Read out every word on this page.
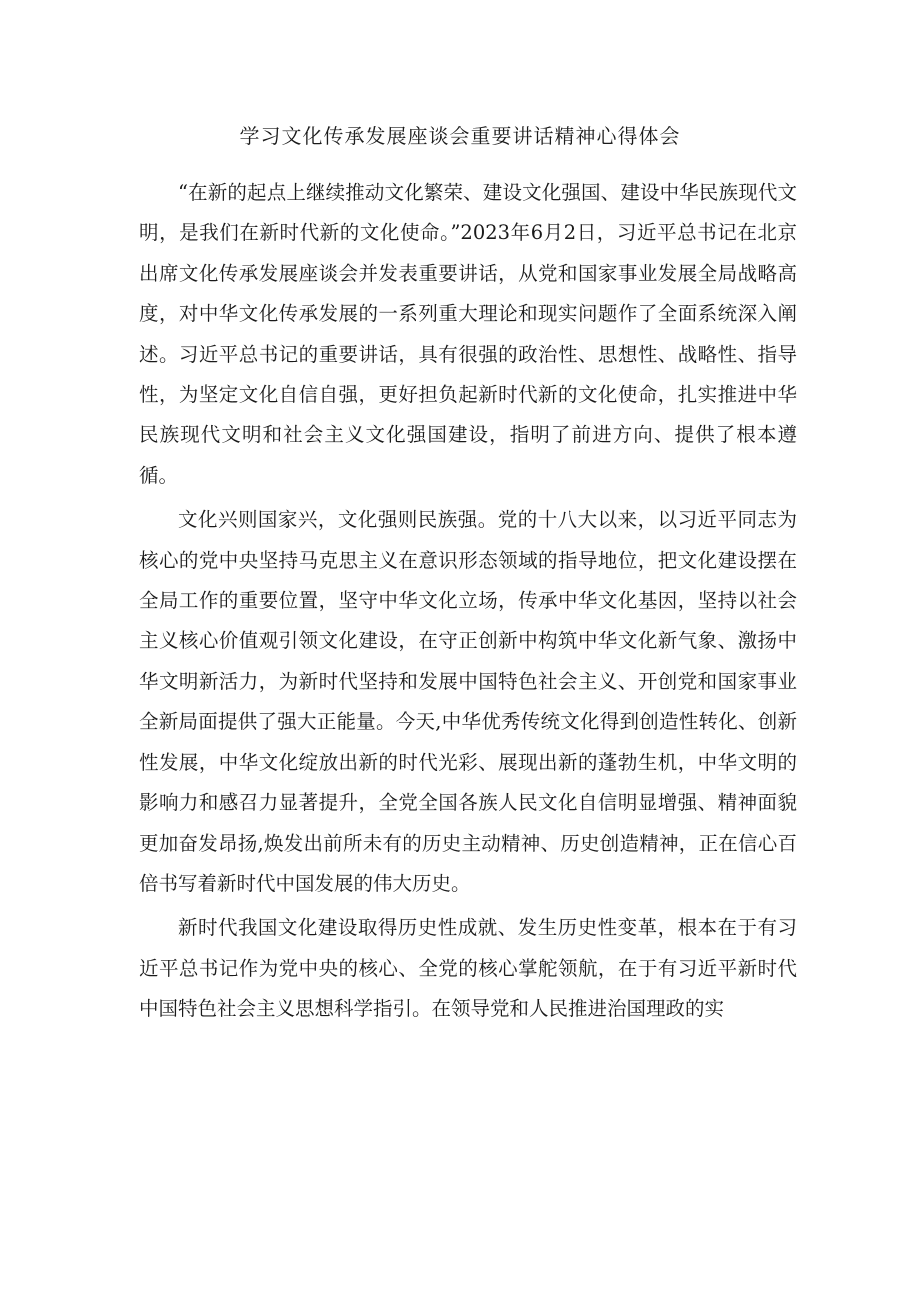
学习文化传承发展座谈会重要讲话精神心得体会

“在新的起点上继续推动文化繁荣、建设文化强国、建设中华民族现代文明，是我们在新时代新的文化使命。”2023年6月2日，习近平总书记在北京出席文化传承发展座谈会并发表重要讲话，从党和国家事业发展全局战略高度，对中华文化传承发展的一系列重大理论和现实问题作了全面系统深入阐述。习近平总书记的重要讲话，具有很强的政治性、思想性、战略性、指导性，为坚定文化自信自强，更好担负起新时代新的文化使命，扎实推进中华民族现代文明和社会主义文化强国建设，指明了前进方向、提供了根本遵循。

文化兴则国家兴，文化强则民族强。党的十八大以来，以习近平同志为核心的党中央坚持马克思主义在意识形态领域的指导地位，把文化建设摆在全局工作的重要位置，坚守中华文化立场，传承中华文化基因，坚持以社会主义核心价值观引领文化建设，在守正创新中构筑中华文化新气象、激扬中华文明新活力，为新时代坚持和发展中国特色社会主义、开创党和国家事业全新局面提供了强大正能量。今天,中华优秀传统文化得到创造性转化、创新性发展，中华文化绽放出新的时代光彩、展现出新的蓬勃生机，中华文明的影响力和感召力显著提升，全党全国各族人民文化自信明显增强、精神面貌更加奋发昂扬,焕发出前所未有的历史主动精神、历史创造精神，正在信心百倍书写着新时代中国发展的伟大历史。

新时代我国文化建设取得历史性成就、发生历史性变革，根本在于有习近平总书记作为党中央的核心、全党的核心掌舵领航，在于有习近平新时代中国特色社会主义思想科学指引。在领导党和人民推进治国理政的实
